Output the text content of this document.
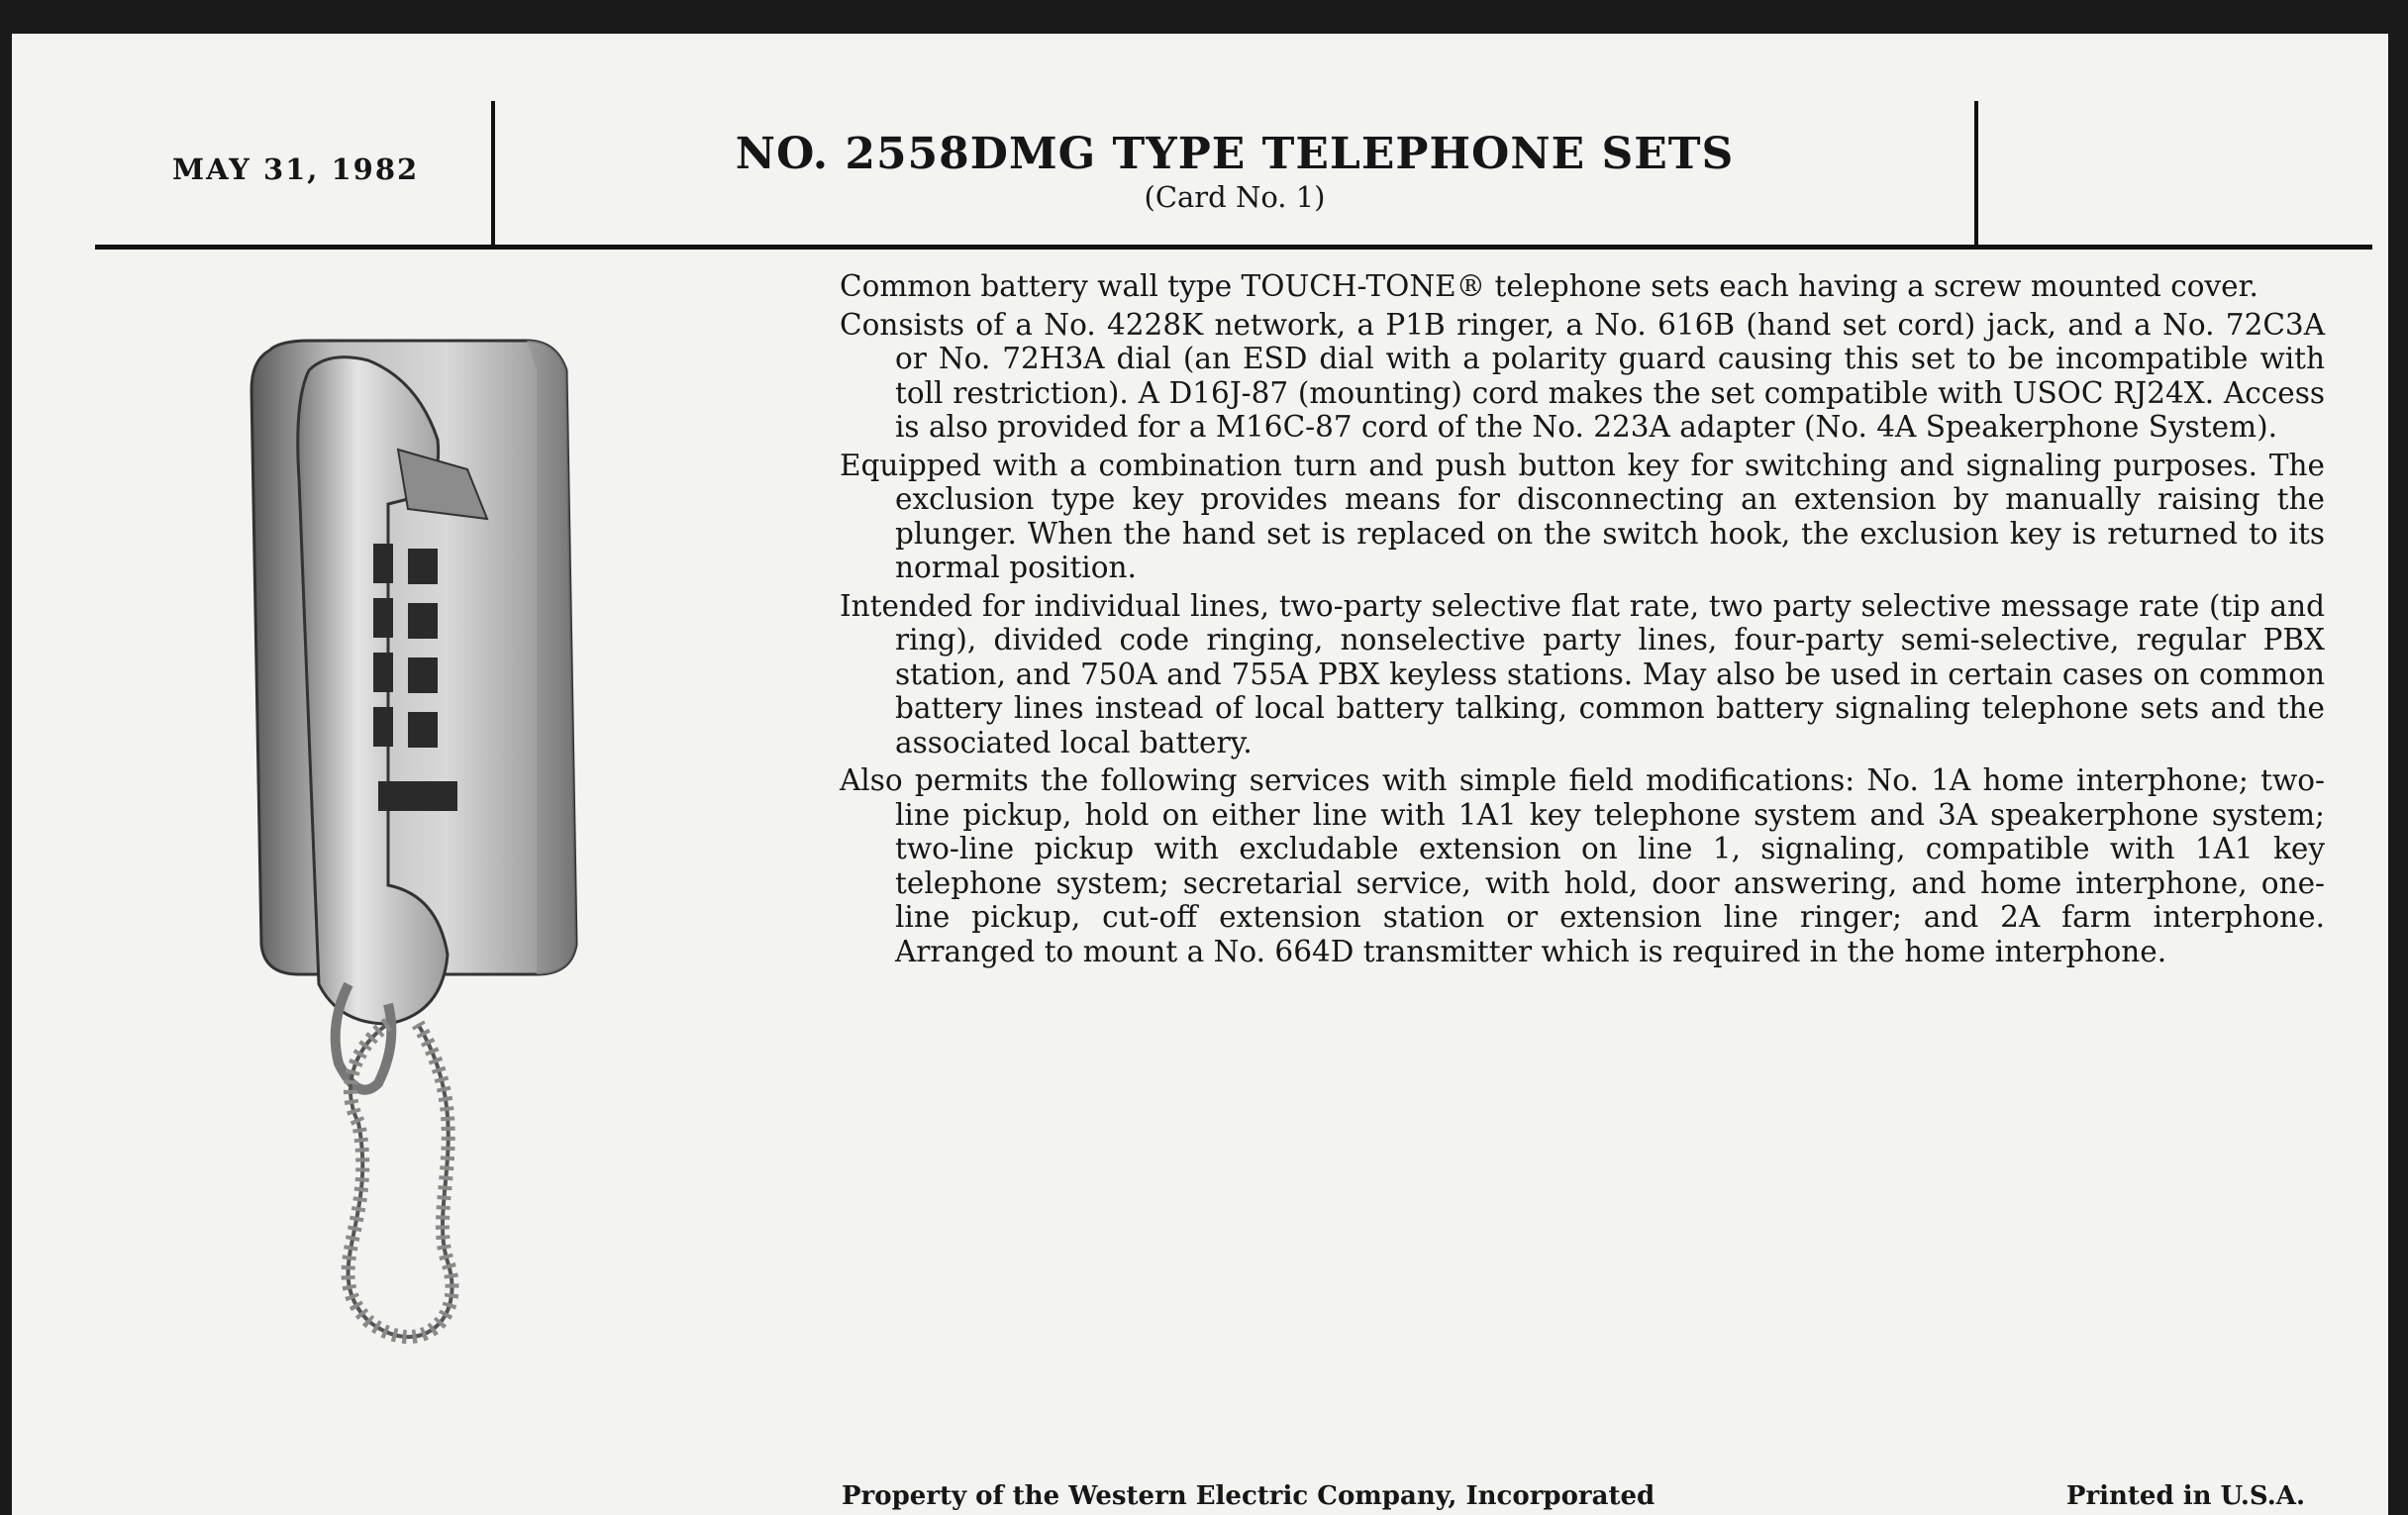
MAY 31, 1982	NO. 2558DMG TYPE TELEPHONE SETS
(Card No. 1)

Common battery wall type TOUCH-TONE® telephone sets each having a screw mounted cover.

Consists of a No. 4228K network, a P1B ringer, a No. 616B (hand set cord) jack, and a No. 72C3A or No. 72H3A dial (an ESD dial with a polarity guard causing this set to be incompatible with toll restriction). A D16J-87 (mounting) cord makes the set compatible with USOC RJ24X. Access is also provided for a M16C-87 cord of the No. 223A adapter (No. 4A Speakerphone System).

Equipped with a combination turn and push button key for switching and signaling purposes. The exclusion type key provides means for disconnecting an extension by manually raising the plunger. When the hand set is replaced on the switch hook, the exclusion key is returned to its normal position.

Intended for individual lines, two-party selective flat rate, two party selective message rate (tip and ring), divided code ringing, nonselective party lines, four-party semi-selective, regular PBX station, and 750A and 755A PBX keyless stations. May also be used in certain cases on common battery lines instead of local battery talking, common battery signaling telephone sets and the associated local battery.

Also permits the following services with simple field modifications: No. 1A home interphone; two-line pickup, hold on either line with 1A1 key telephone system and 3A speakerphone system; two-line pickup with excludable extension on line 1, signaling, compatible with 1A1 key telephone system; secretarial service, with hold, door answering, and home interphone, one-line pickup, cut-off extension station or extension line ringer; and 2A farm interphone. Arranged to mount a No. 664D transmitter which is required in the home interphone.

Property of the Western Electric Company, Incorporated	Printed in U.S.A.
